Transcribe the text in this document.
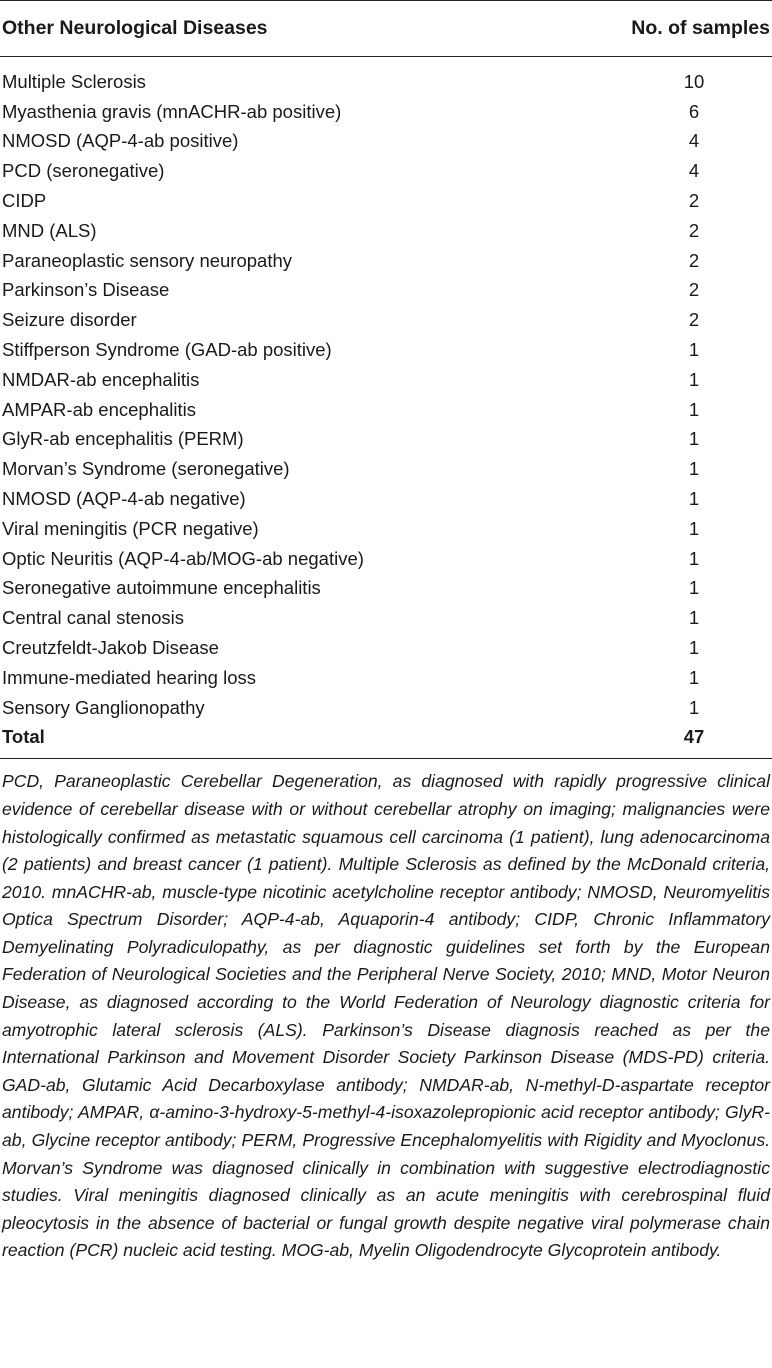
Other Neurological Diseases	No. of samples
Multiple Sclerosis	10
Myasthenia gravis (mnACHR-ab positive)	6
NMOSD (AQP-4-ab positive)	4
PCD (seronegative)	4
CIDP	2
MND (ALS)	2
Paraneoplastic sensory neuropathy	2
Parkinson’s Disease	2
Seizure disorder	2
Stiffperson Syndrome (GAD-ab positive)	1
NMDAR-ab encephalitis	1
AMPAR-ab encephalitis	1
GlyR-ab encephalitis (PERM)	1
Morvan’s Syndrome (seronegative)	1
NMOSD (AQP-4-ab negative)	1
Viral meningitis (PCR negative)	1
Optic Neuritis (AQP-4-ab/MOG-ab negative)	1
Seronegative autoimmune encephalitis	1
Central canal stenosis	1
Creutzfeldt-Jakob Disease	1
Immune-mediated hearing loss	1
Sensory Ganglionopathy	1
Total	47
PCD, Paraneoplastic Cerebellar Degeneration, as diagnosed with rapidly progressive clinical evidence of cerebellar disease with or without cerebellar atrophy on imaging; malignancies were histologically confirmed as metastatic squamous cell carcinoma (1 patient), lung adenocarcinoma (2 patients) and breast cancer (1 patient). Multiple Sclerosis as defined by the McDonald criteria, 2010. mnACHR-ab, muscle-type nicotinic acetylcholine receptor antibody; NMOSD, Neuromyelitis Optica Spectrum Disorder; AQP-4-ab, Aquaporin-4 antibody; CIDP, Chronic Inflammatory Demyelinating Polyradiculopathy, as per diagnostic guidelines set forth by the European Federation of Neurological Societies and the Peripheral Nerve Society, 2010; MND, Motor Neuron Disease, as diagnosed according to the World Federation of Neurology diagnostic criteria for amyotrophic lateral sclerosis (ALS). Parkinson’s Disease diagnosis reached as per the International Parkinson and Movement Disorder Society Parkinson Disease (MDS-PD) criteria. GAD-ab, Glutamic Acid Decarboxylase antibody; NMDAR-ab, N-methyl-D-aspartate receptor antibody; AMPAR, α-amino-3-hydroxy-5-methyl-4-isoxazolepropionic acid receptor antibody; GlyR-ab, Glycine receptor antibody; PERM, Progressive Encephalomyelitis with Rigidity and Myoclonus. Morvan’s Syndrome was diagnosed clinically in combination with suggestive electrodiagnostic studies. Viral meningitis diagnosed clinically as an acute meningitis with cerebrospinal fluid pleocytosis in the absence of bacterial or fungal growth despite negative viral polymerase chain reaction (PCR) nucleic acid testing. MOG-ab, Myelin Oligodendrocyte Glycoprotein antibody.
